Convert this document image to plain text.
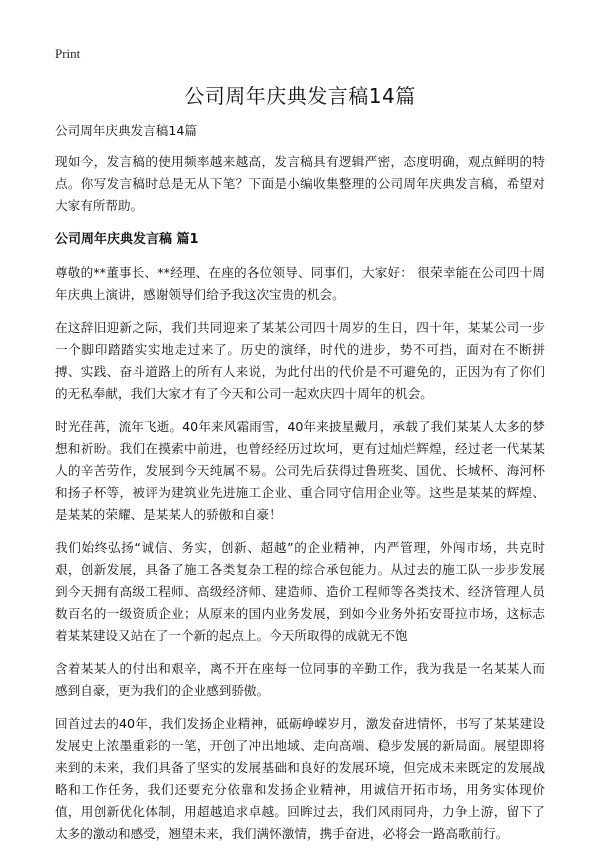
Print
公司周年庆典发言稿14篇

公司周年庆典发言稿14篇

现如今，发言稿的使用频率越来越高，发言稿具有逻辑严密，态度明确，观点鲜明的特点。你写发言稿时总是无从下笔？下面是小编收集整理的公司周年庆典发言稿，希望对大家有所帮助。

公司周年庆典发言稿 篇1

尊敬的**董事长、**经理、在座的各位领导、同事们，大家好： 很荣幸能在公司四十周年庆典上演讲，感谢领导们给予我这次宝贵的机会。

在这辞旧迎新之际，我们共同迎来了某某公司四十周岁的生日，四十年，某某公司一步一个脚印踏踏实实地走过来了。历史的演绎，时代的进步，势不可挡，面对在不断拼搏、实践、奋斗道路上的所有人来说，为此付出的代价是不可避免的，正因为有了你们的无私奉献，我们大家才有了今天和公司一起欢庆四十周年的机会。

时光荏苒，流年飞逝。40年来风霜雨雪，40年来披星戴月，承载了我们某某人太多的梦想和祈盼。我们在摸索中前进，也曾经经历过坎坷，更有过灿烂辉煌，经过老一代某某人的辛苦劳作，发展到今天纯属不易。公司先后获得过鲁班奖、国优、长城杯、海河杯和扬子杯等，被评为建筑业先进施工企业、重合同守信用企业等。这些是某某的辉煌、是某某的荣耀、是某某人的骄傲和自豪！

我们始终弘扬“诚信、务实，创新、超越”的企业精神，内严管理，外闯市场，共克时艰，创新发展，具备了施工各类复杂工程的综合承包能力。从过去的施工队一步步发展到今天拥有高级工程师、高级经济师、建造师、造价工程师等各类技术、经济管理人员数百名的一级资质企业；从原来的国内业务发展，到如今业务外拓安哥拉市场，这标志着某某建设又站在了一个新的起点上。今天所取得的成就无不饱

含着某某人的付出和艰辛，离不开在座每一位同事的辛勤工作，我为我是一名某某人而感到自豪，更为我们的企业感到骄傲。

回首过去的40年，我们发扬企业精神，砥砺峥嵘岁月，激发奋进情怀，书写了某某建设发展史上浓墨重彩的一笔，开创了冲出地域、走向高端、稳步发展的新局面。展望即将来到的未来，我们具备了坚实的发展基础和良好的发展环境，但完成未来既定的发展战略和工作任务，我们还要充分依靠和发扬企业精神，用诚信开拓市场，用务实体现价值，用创新优化体制，用超越追求卓越。回眸过去，我们风雨同舟，力争上游，留下了太多的激动和感受，翘望未来，我们满怀激情，携手奋进，必将会一路高歌前行。
